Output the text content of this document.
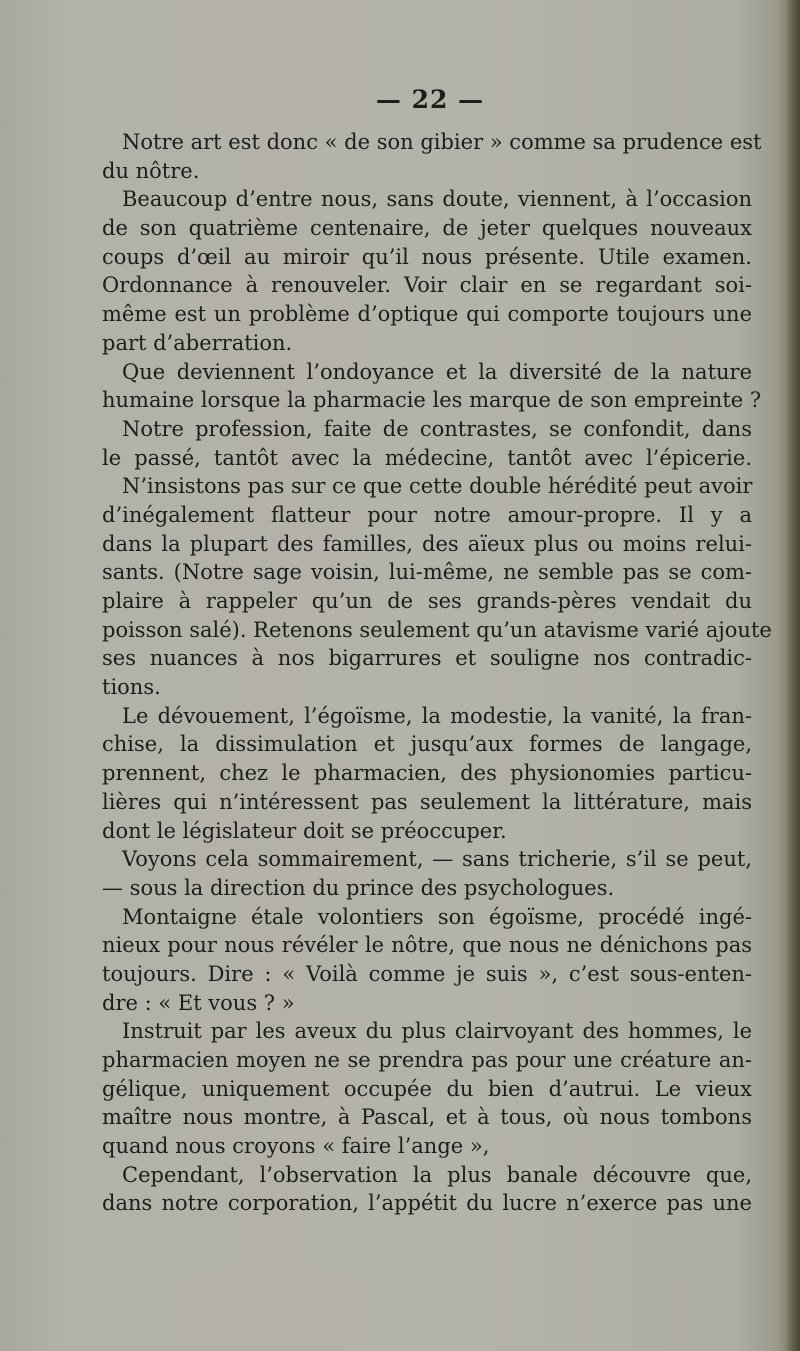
— 22 —
Notre art est donc « de son gibier » comme sa prudence est
du nôtre.
Beaucoup d’entre nous, sans doute, viennent, à l’occasion
de son quatrième centenaire, de jeter quelques nouveaux
coups d’œil au miroir qu’il nous présente. Utile examen.
Ordonnance à renouveler. Voir clair en se regardant soi-
même est un problème d’optique qui comporte toujours une
part d’aberration.
Que deviennent l’ondoyance et la diversité de la nature
humaine lorsque la pharmacie les marque de son empreinte ?
Notre profession, faite de contrastes, se confondit, dans
le passé, tantôt avec la médecine, tantôt avec l’épicerie.
N’insistons pas sur ce que cette double hérédité peut avoir
d’inégalement flatteur pour notre amour-propre. Il y a
dans la plupart des familles, des aïeux plus ou moins relui-
sants. (Notre sage voisin, lui-même, ne semble pas se com-
plaire à rappeler qu’un de ses grands-pères vendait du
poisson salé). Retenons seulement qu’un atavisme varié ajoute
ses nuances à nos bigarrures et souligne nos contradic-
tions.
Le dévouement, l’égoïsme, la modestie, la vanité, la fran-
chise, la dissimulation et jusqu’aux formes de langage,
prennent, chez le pharmacien, des physionomies particu-
lières qui n’intéressent pas seulement la littérature, mais
dont le législateur doit se préoccuper.
Voyons cela sommairement, — sans tricherie, s’il se peut,
— sous la direction du prince des psychologues.
Montaigne étale volontiers son égoïsme, procédé ingé-
nieux pour nous révéler le nôtre, que nous ne dénichons pas
toujours. Dire : « Voilà comme je suis », c’est sous-enten-
dre : « Et vous ? »
Instruit par les aveux du plus clairvoyant des hommes, le
pharmacien moyen ne se prendra pas pour une créature an-
gélique, uniquement occupée du bien d’autrui. Le vieux
maître nous montre, à Pascal, et à tous, où nous tombons
quand nous croyons « faire l’ange »,
Cependant, l’observation la plus banale découvre que,
dans notre corporation, l’appétit du lucre n’exerce pas une
